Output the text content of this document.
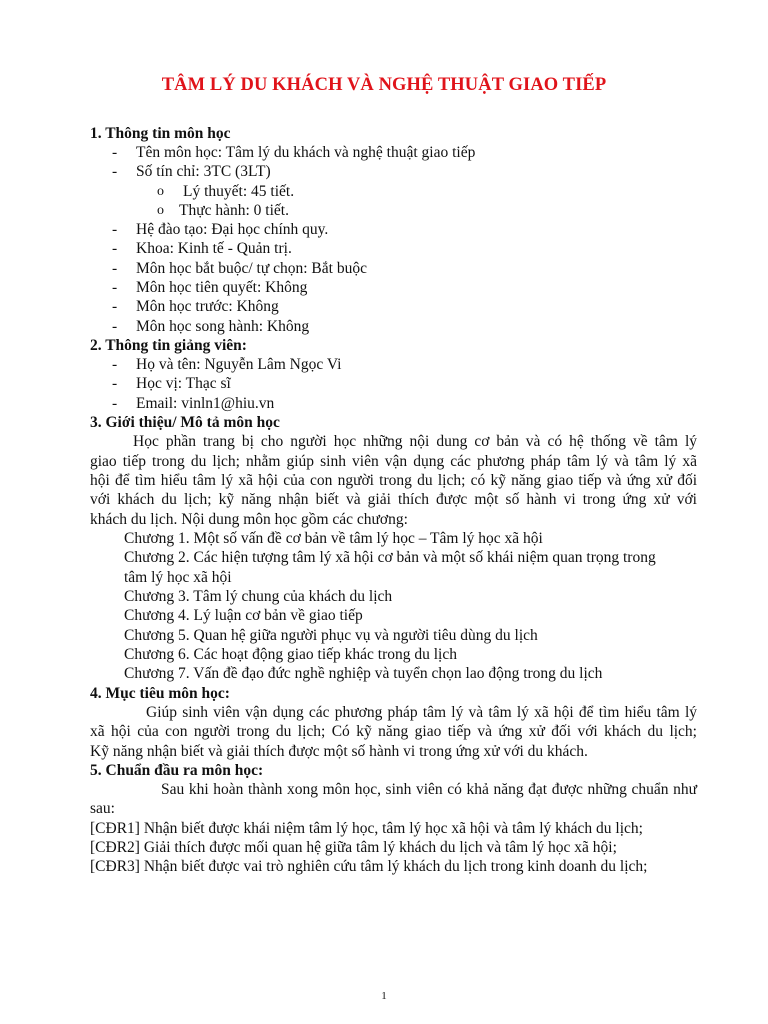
TÂM LÝ DU KHÁCH VÀ NGHỆ THUẬT GIAO TIẾP
1. Thông tin môn học
- Tên môn học: Tâm lý du khách và nghệ thuật giao tiếp
- Số tín chỉ: 3TC (3LT)
o Lý thuyết: 45 tiết.
o Thực hành: 0 tiết.
- Hệ đào tạo: Đại học chính quy.
- Khoa: Kinh tế - Quản trị.
- Môn học bắt buộc/ tự chọn: Bắt buộc
- Môn học tiên quyết: Không
- Môn học trước: Không
- Môn học song hành: Không
2. Thông tin giảng viên:
- Họ và tên: Nguyễn Lâm Ngọc Vi
- Học vị: Thạc sĩ
- Email: vinln1@hiu.vn
3. Giới thiệu/ Mô tả môn học
Học phần trang bị cho người học những nội dung cơ bản và có hệ thống về tâm lý
giao tiếp trong du lịch; nhằm giúp sinh viên vận dụng các phương pháp tâm lý và tâm lý xã
hội để tìm hiểu tâm lý xã hội của con người trong du lịch; có kỹ năng giao tiếp và ứng xử đối
với khách du lịch; kỹ năng nhận biết và giải thích được một số hành vi trong ứng xử với
khách du lịch. Nội dung môn học gồm các chương:
Chương 1. Một số vấn đề cơ bản về tâm lý học – Tâm lý học xã hội
Chương 2. Các hiện tượng tâm lý xã hội cơ bản và một số khái niệm quan trọng trong
tâm lý học xã hội
Chương 3. Tâm lý chung của khách du lịch
Chương 4. Lý luận cơ bản về giao tiếp
Chương 5. Quan hệ giữa người phục vụ và người tiêu dùng du lịch
Chương 6. Các hoạt động giao tiếp khác trong du lịch
Chương 7. Vấn đề đạo đức nghề nghiệp và tuyển chọn lao động trong du lịch
4. Mục tiêu môn học:
Giúp sinh viên vận dụng các phương pháp tâm lý và tâm lý xã hội để tìm hiểu tâm lý
xã hội của con người trong du lịch; Có kỹ năng giao tiếp và ứng xử đối với khách du lịch;
Kỹ năng nhận biết và giải thích được một số hành vi trong ứng xử với du khách.
5. Chuẩn đầu ra môn học:
Sau khi hoàn thành xong môn học, sinh viên có khả năng đạt được những chuẩn như
sau:
[CĐR1] Nhận biết được khái niệm tâm lý học, tâm lý học xã hội và tâm lý khách du lịch;
[CĐR2] Giải thích được mối quan hệ giữa tâm lý khách du lịch và tâm lý học xã hội;
[CĐR3] Nhận biết được vai trò nghiên cứu tâm lý khách du lịch trong kinh doanh du lịch;
1
